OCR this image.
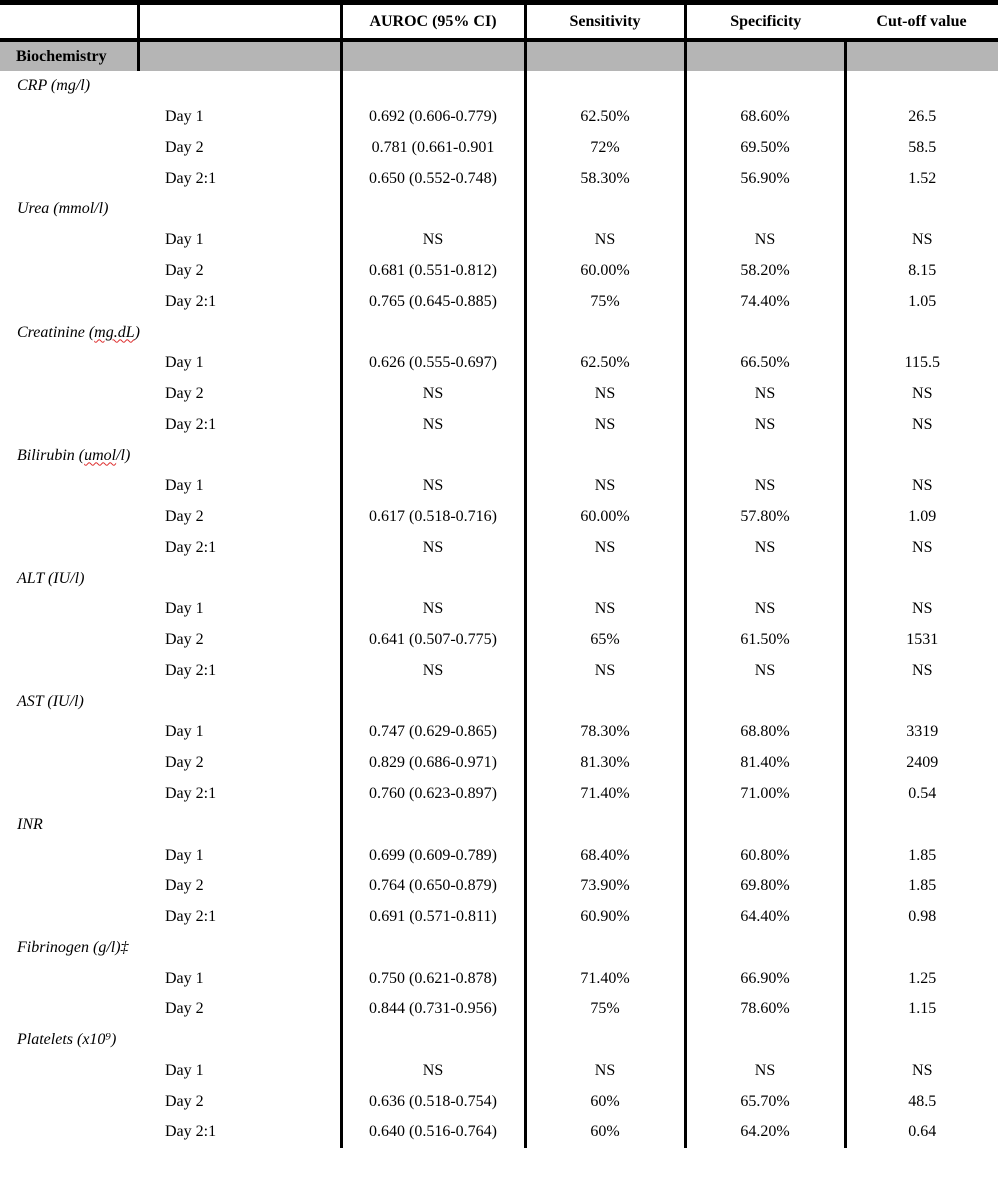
		AUROC (95% CI)	Sensitivity	Specificity	Cut-off value
Biochemistry					
CRP (mg/l)					
Day 1		0.692 (0.606-0.779)	62.50%	68.60%	26.5
Day 2		0.781 (0.661-0.901	72%	69.50%	58.5
Day 2:1		0.650 (0.552-0.748)	58.30%	56.90%	1.52
Urea (mmol/l)					
Day 1		NS	NS	NS	NS
Day 2		0.681 (0.551-0.812)	60.00%	58.20%	8.15
Day 2:1		0.765 (0.645-0.885)	75%	74.40%	1.05
Creatinine (mg.dL)					
Day 1		0.626 (0.555-0.697)	62.50%	66.50%	115.5
Day 2		NS	NS	NS	NS
Day 2:1		NS	NS	NS	NS
Bilirubin (umol/l)					
Day 1		NS	NS	NS	NS
Day 2		0.617 (0.518-0.716)	60.00%	57.80%	1.09
Day 2:1		NS	NS	NS	NS
ALT (IU/l)					
Day 1		NS	NS	NS	NS
Day 2		0.641 (0.507-0.775)	65%	61.50%	1531
Day 2:1		NS	NS	NS	NS
AST (IU/l)					
Day 1		0.747 (0.629-0.865)	78.30%	68.80%	3319
Day 2		0.829 (0.686-0.971)	81.30%	81.40%	2409
Day 2:1		0.760 (0.623-0.897)	71.40%	71.00%	0.54
INR					
Day 1		0.699 (0.609-0.789)	68.40%	60.80%	1.85
Day 2		0.764 (0.650-0.879)	73.90%	69.80%	1.85
Day 2:1		0.691 (0.571-0.811)	60.90%	64.40%	0.98
Fibrinogen (g/l)‡					
Day 1		0.750 (0.621-0.878)	71.40%	66.90%	1.25
Day 2		0.844 (0.731-0.956)	75%	78.60%	1.15
Platelets (x10⁹)					
Day 1		NS	NS	NS	NS
Day 2		0.636 (0.518-0.754)	60%	65.70%	48.5
Day 2:1		0.640 (0.516-0.764)	60%	64.20%	0.64
